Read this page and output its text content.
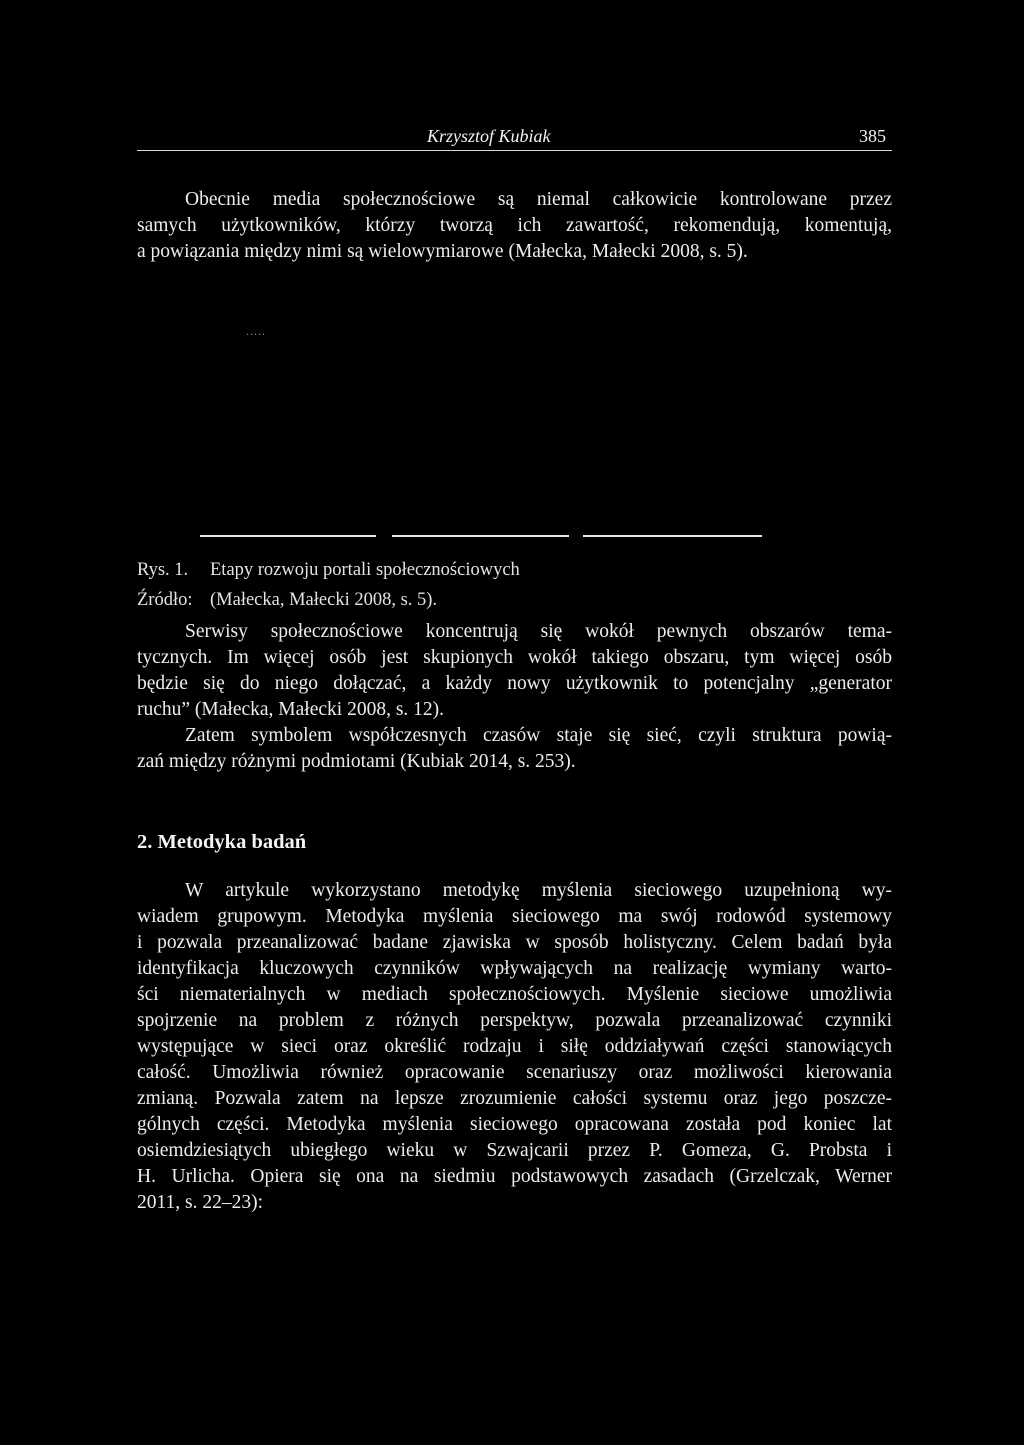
Krzysztof Kubiak	385

Obecnie media społecznościowe są niemal całkowicie kontrolowane przez
samych użytkowników, którzy tworzą ich zawartość, rekomendują, komentują,
a powiązania między nimi są wielowymiarowe (Małecka, Małecki 2008, s. 5).

.....
Rys. 1. Etapy rozwoju portali społecznościowych
Źródło: (Małecka, Małecki 2008, s. 5).

Serwisy społecznościowe koncentrują się wokół pewnych obszarów tema-
tycznych. Im więcej osób jest skupionych wokół takiego obszaru, tym więcej osób
będzie się do niego dołączać, a każdy nowy użytkownik to potencjalny „generator
ruchu” (Małecka, Małecki 2008, s. 12).

Zatem symbolem współczesnych czasów staje się sieć, czyli struktura powią-
zań między różnymi podmiotami (Kubiak 2014, s. 253).

2. Metodyka badań

W artykule wykorzystano metodykę myślenia sieciowego uzupełnioną wy-
wiadem grupowym. Metodyka myślenia sieciowego ma swój rodowód systemowy
i pozwala przeanalizować badane zjawiska w sposób holistyczny. Celem badań była
identyfikacja kluczowych czynników wpływających na realizację wymiany warto-
ści niematerialnych w mediach społecznościowych. Myślenie sieciowe umożliwia
spojrzenie na problem z różnych perspektyw, pozwala przeanalizować czynniki
występujące w sieci oraz określić rodzaju i siłę oddziaływań części stanowiących
całość. Umożliwia również opracowanie scenariuszy oraz możliwości kierowania
zmianą. Pozwala zatem na lepsze zrozumienie całości systemu oraz jego poszcze-
gólnych części. Metodyka myślenia sieciowego opracowana została pod koniec lat
osiemdziesiątych ubiegłego wieku w Szwajcarii przez P. Gomeza, G. Probsta i
H. Urlicha. Opiera się ona na siedmiu podstawowych zasadach (Grzelczak, Werner
2011, s. 22–23):
